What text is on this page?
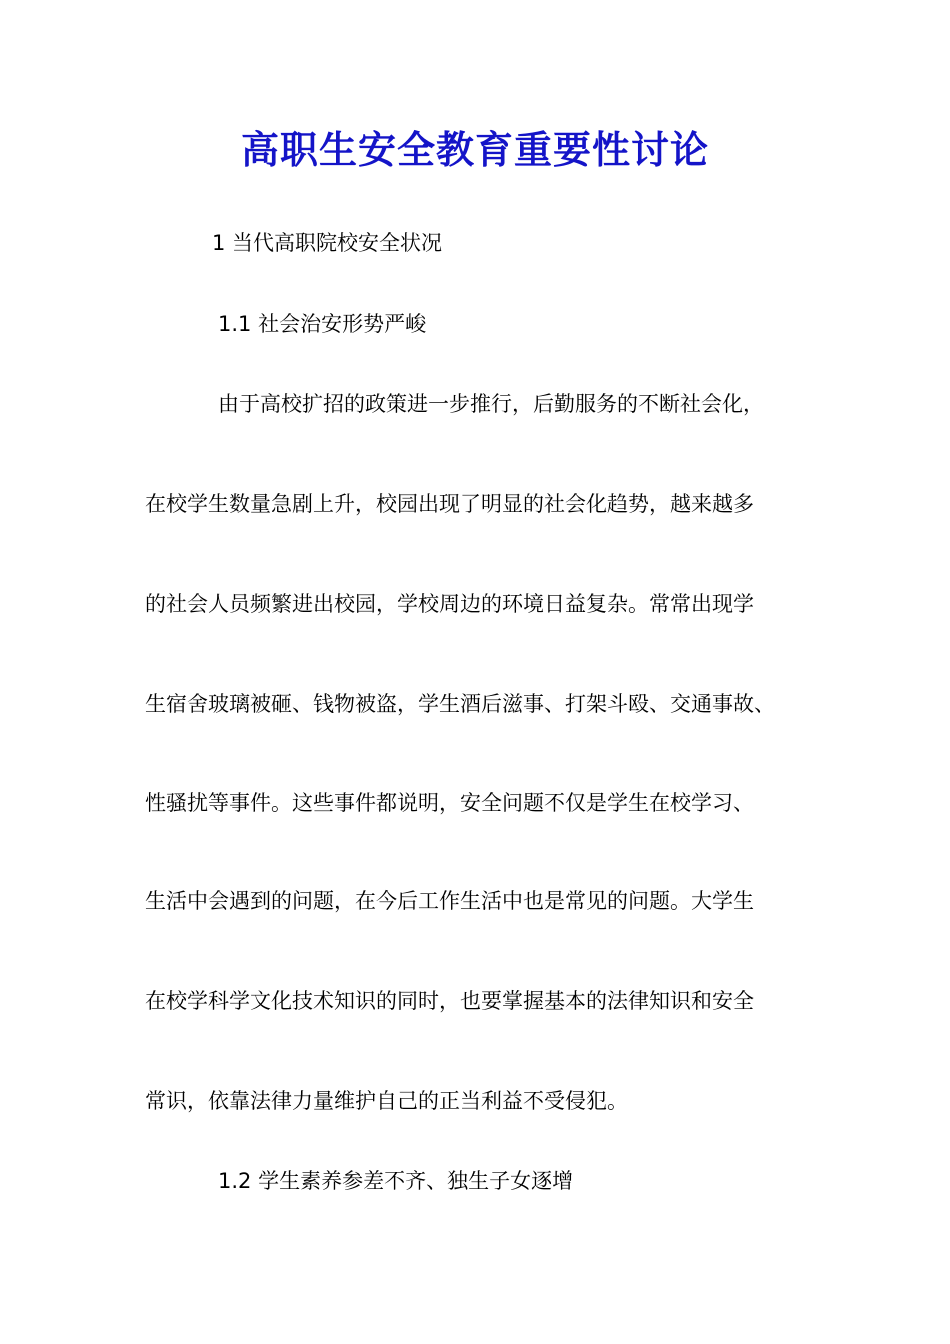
高职生安全教育重要性讨论
1 当代高职院校安全状况
1.1 社会治安形势严峻
由于高校扩招的政策进一步推行，后勤服务的不断社会化，
在校学生数量急剧上升，校园出现了明显的社会化趋势，越来越多
的社会人员频繁进出校园，学校周边的环境日益复杂。常常出现学
生宿舍玻璃被砸、钱物被盗，学生酒后滋事、打架斗殴、交通事故、
性骚扰等事件。这些事件都说明，安全问题不仅是学生在校学习、
生活中会遇到的问题，在今后工作生活中也是常见的问题。大学生
在校学科学文化技术知识的同时，也要掌握基本的法律知识和安全
常识，依靠法律力量维护自己的正当利益不受侵犯。
1.2 学生素养参差不齐、独生子女逐增
